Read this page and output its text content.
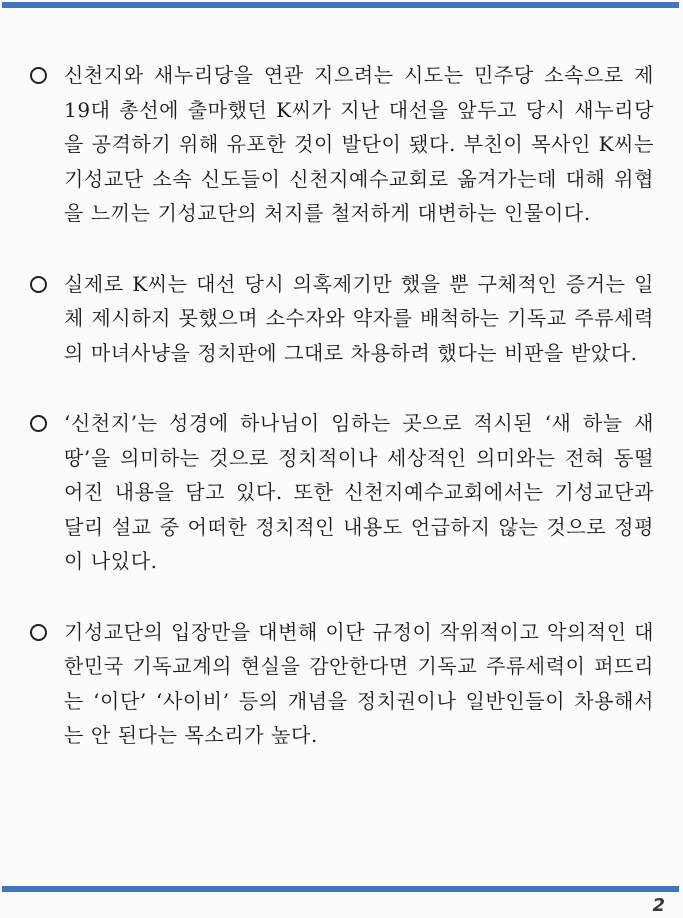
신천지와 새누리당을 연관 지으려는 시도는 민주당 소속으로 제19대 총선에 출마했던 K씨가 지난 대선을 앞두고 당시 새누리당을 공격하기 위해 유포한 것이 발단이 됐다. 부친이 목사인 K씨는 기성교단 소속 신도들이 신천지예수교회로 옮겨가는데 대해 위협을 느끼는 기성교단의 처지를 철저하게 대변하는 인물이다.

실제로 K씨는 대선 당시 의혹제기만 했을 뿐 구체적인 증거는 일체 제시하지 못했으며 소수자와 약자를 배척하는 기독교 주류세력의 마녀사냥을 정치판에 그대로 차용하려 했다는 비판을 받았다.

‘신천지’는 성경에 하나님이 임하는 곳으로 적시된 ‘새 하늘 새 땅’을 의미하는 것으로 정치적이나 세상적인 의미와는 전혀 동떨어진 내용을 담고 있다. 또한 신천지예수교회에서는 기성교단과 달리 설교 중 어떠한 정치적인 내용도 언급하지 않는 것으로 정평이 나있다.

기성교단의 입장만을 대변해 이단 규정이 작위적이고 악의적인 대한민국 기독교계의 현실을 감안한다면 기독교 주류세력이 퍼뜨리는 ‘이단’ ‘사이비’ 등의 개념을 정치권이나 일반인들이 차용해서는 안 된다는 목소리가 높다.

2
